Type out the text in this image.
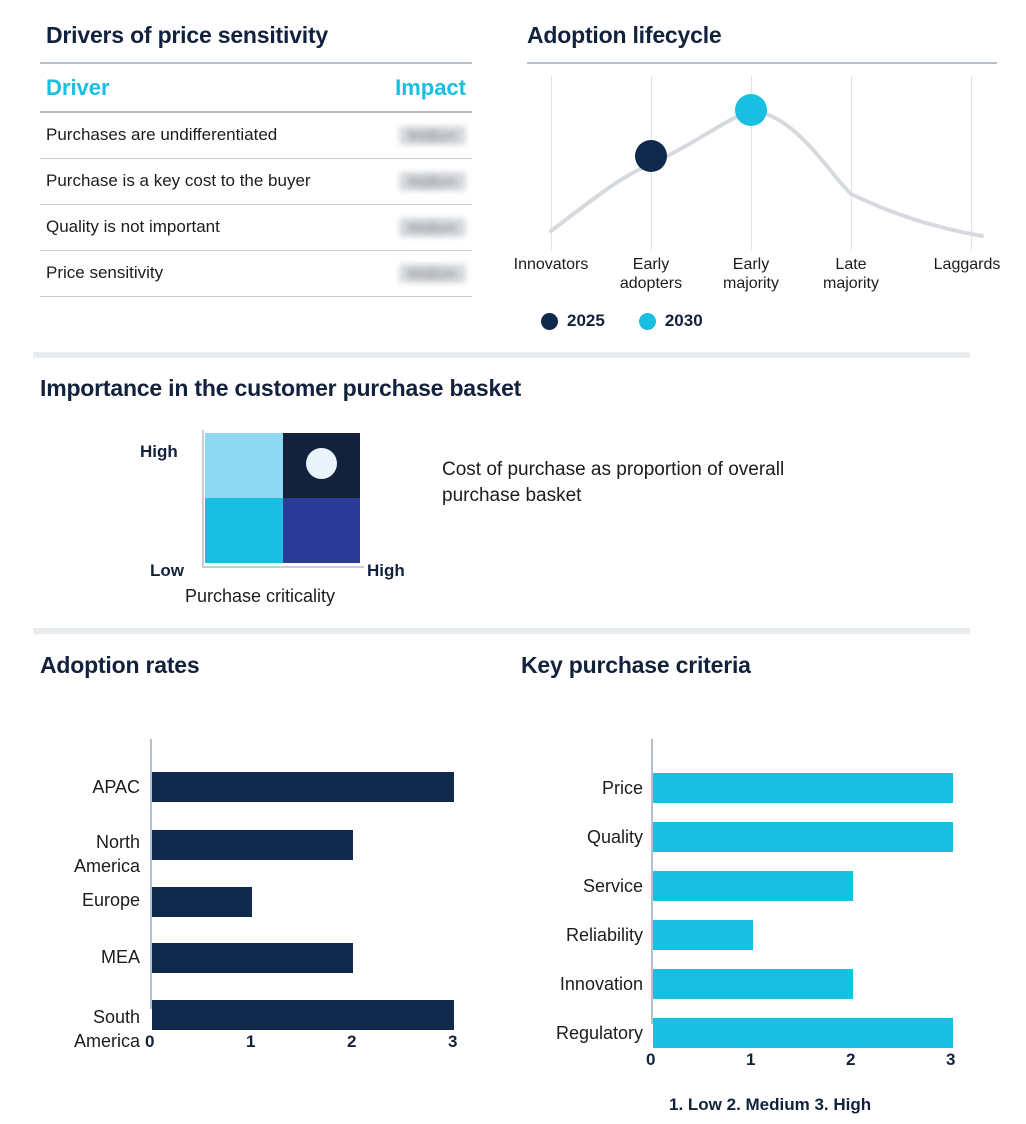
Drivers of price sensitivity
Driver	Impact
Purchases are undifferentiated	Medium
Purchase is a key cost to the buyer	Medium
Quality is not important	Medium
Price sensitivity	Medium
Adoption lifecycle
Innovators	Early
adopters
Early
majority
Late
majority
Laggards
2025	2030
Importance in the customer purchase basket
High
Low	High
Cost of purchase as proportion of overall purchase basket
Purchase criticality
Adoption rates
APAC
North
America
Europe
MEA
South
America 0	1	2	3
Key purchase criteria
Price
Quality
Service
Reliability
Innovation
Regulatory
0	1	2	3
1. Low 2. Medium 3. High
